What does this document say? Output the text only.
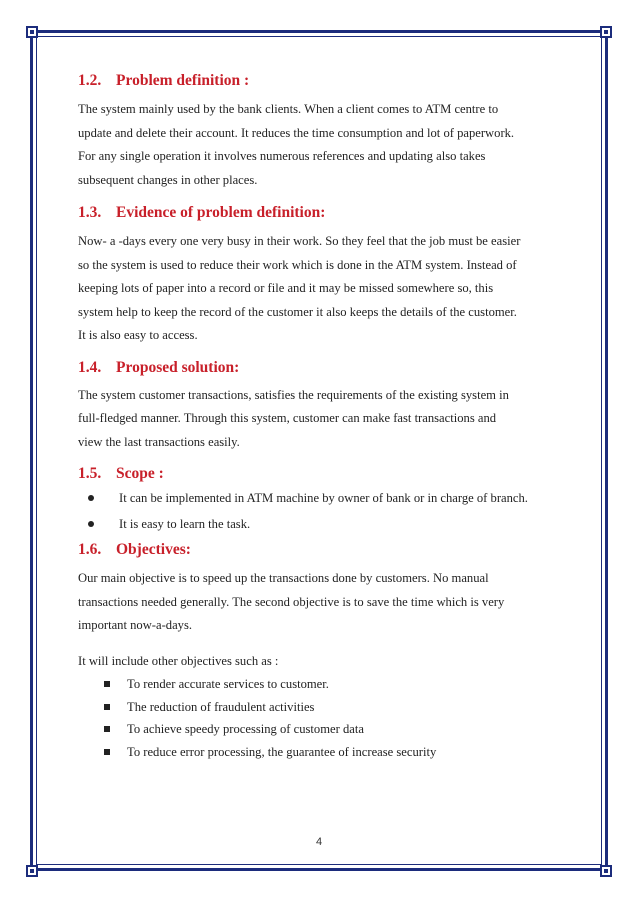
1.2. Problem definition :
The system mainly used by the bank clients. When a client comes to ATM centre to
update and delete their account. It reduces the time consumption and lot of paperwork.
For any single operation it involves numerous references and updating also takes
subsequent changes in other places.
1.3. Evidence of problem definition:
Now- a -days every one very busy in their work. So they feel that the job must be easier
so the system is used to reduce their work which is done in the ATM system. Instead of
keeping lots of paper into a record or file and it may be missed somewhere so, this
system help to keep the record of the customer it also keeps the details of the customer.
It is also easy to access.
1.4. Proposed solution:
The system customer transactions, satisfies the requirements of the existing system in
full-fledged manner. Through this system, customer can make fast transactions and
view the last transactions easily.
1.5. Scope :
It can be implemented in ATM machine by owner of bank or in charge of branch.
It is easy to learn the task.
1.6. Objectives:
Our main objective is to speed up the transactions done by customers. No manual
transactions needed generally. The second objective is to save the time which is very
important now-a-days.
It will include other objectives such as :
To render accurate services to customer.
The reduction of fraudulent activities
To achieve speedy processing of customer data
To reduce error processing, the guarantee of increase security
4
